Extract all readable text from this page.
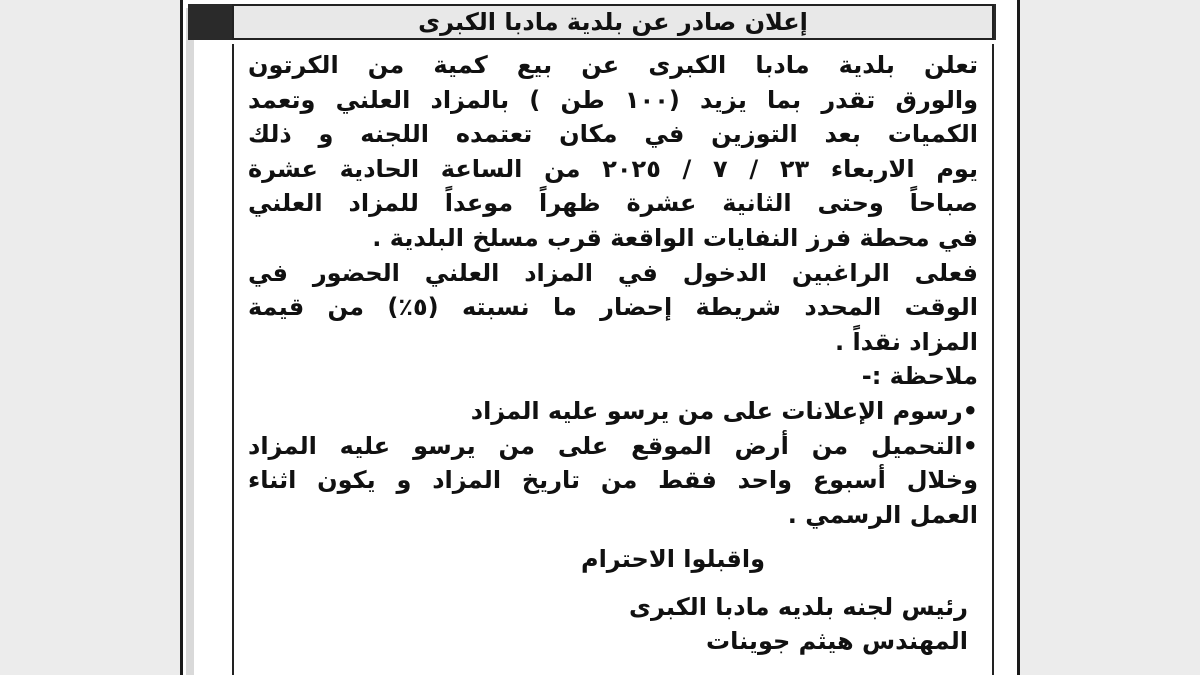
إعلان صادر عن بلدية مادبا الكبرى
تعلن بلدية مادبا الكبرى عن بيع كمية من الكرتون
والورق تقدر بما يزيد (١٠٠ طن ) بالمزاد العلني وتعمد
الكميات بعد التوزين في مكان تعتمده اللجنه و ذلك
يوم الاربعاء ٢٣ / ٧ / ٢٠٢٥ من الساعة الحادية عشرة
صباحاً وحتى الثانية عشرة ظهراً موعداً للمزاد العلني
في محطة فرز النفايات الواقعة قرب مسلخ البلدية .
فعلى الراغبين الدخول في المزاد العلني الحضور في
الوقت المحدد شريطة إحضار ما نسبته (٥٪) من قيمة
المزاد نقداً .
ملاحظة :-
•رسوم الإعلانات على من يرسو عليه المزاد
•التحميل من أرض الموقع على من يرسو عليه المزاد
وخلال أسبوع واحد فقط من تاريخ المزاد و يكون اثناء
العمل الرسمي .
واقبلوا الاحترام
رئيس لجنه بلديه مادبا الكبرى
المهندس هيثم جوينات
